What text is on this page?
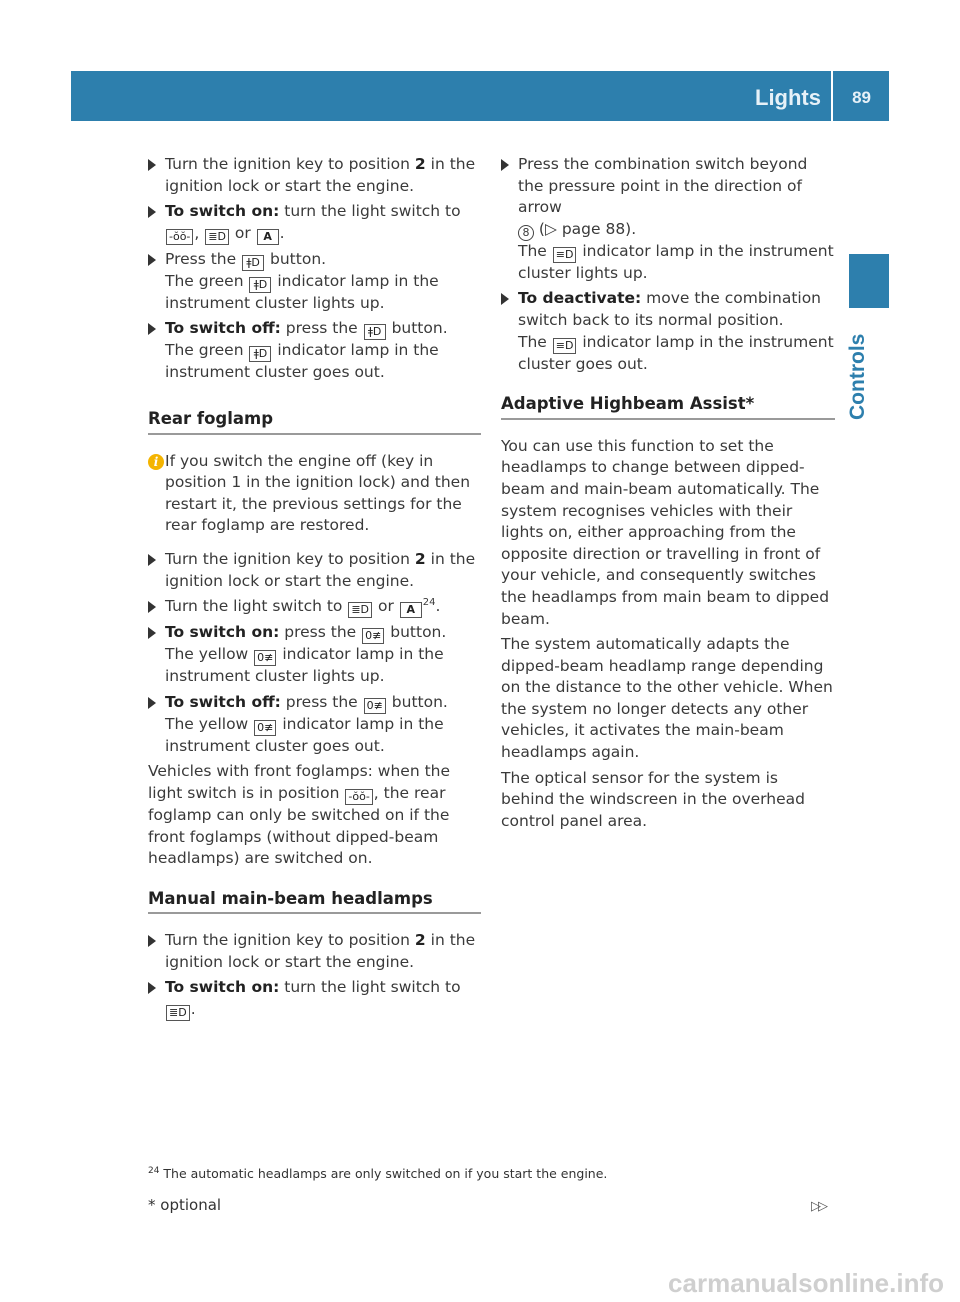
Lights 89
Controls
Turn the ignition key to position 2 in the ignition lock or start the engine.
To switch on: turn the light switch to
-ŏŏ- , ≣D or A .
Press the ǂD button.
The green ǂD indicator lamp in the instrument cluster lights up.
To switch off: press the ǂD button.
The green ǂD indicator lamp in the instrument cluster goes out.
Rear foglamp
i If you switch the engine off (key in position 1 in the ignition lock) and then restart it, the previous settings for the rear foglamp are restored.
Turn the ignition key to position 2 in the ignition lock or start the engine.
Turn the light switch to ≣D or $A^{24}$.
To switch on: press the 0≢ button.
The yellow 0≢ indicator lamp in the instrument cluster lights up.
To switch off: press the 0≢ button.
The yellow 0≢ indicator lamp in the instrument cluster goes out.
Vehicles with front foglamps: when the light switch is in position -ŏŏ- , the rear foglamp can only be switched on if the front foglamps (without dipped-beam headlamps) are switched on.
Manual main-beam headlamps
Turn the ignition key to position 2 in the ignition lock or start the engine.
To switch on: turn the light switch to
≣D .
Press the combination switch beyond the pressure point in the direction of arrow
8 (▷ page 88).
The ≡D indicator lamp in the instrument cluster lights up.
To deactivate: move the combination switch back to its normal position.
The ≡D indicator lamp in the instrument cluster goes out.
Adaptive Highbeam Assist*
You can use this function to set the headlamps to change between dipped-beam and main-beam automatically. The system recognises vehicles with their lights on, either approaching from the opposite direction or travelling in front of your vehicle, and consequently switches the headlamps from main beam to dipped beam.
The system automatically adapts the dipped-beam headlamp range depending on the distance to the other vehicle. When the system no longer detects any other vehicles, it activates the main-beam headlamps again.
The optical sensor for the system is behind the windscreen in the overhead control panel area.
$^{24}$ The automatic headlamps are only switched on if you start the engine.
* optional	▷▷
carmanualsonline.info
